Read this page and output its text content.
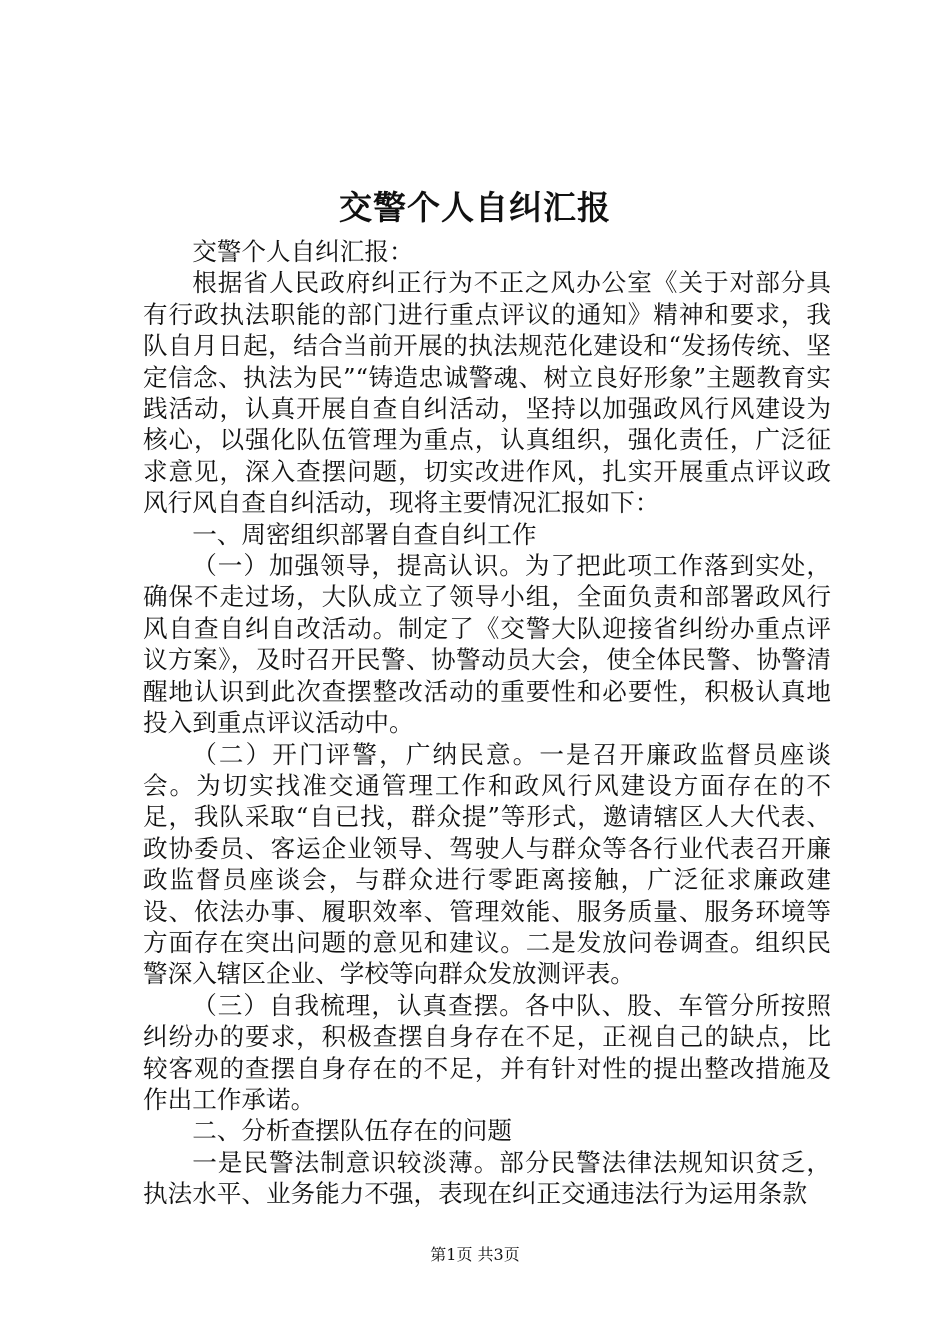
交警个人自纠汇报

交警个人自纠汇报：

根据省人民政府纠正行为不正之风办公室《关于对部分具有行政执法职能的部门进行重点评议的通知》精神和要求，我队自月日起，结合当前开展的执法规范化建设和“发扬传统、坚定信念、执法为民”“铸造忠诚警魂、树立良好形象”主题教育实践活动，认真开展自查自纠活动，坚持以加强政风行风建设为核心，以强化队伍管理为重点，认真组织，强化责任，广泛征求意见，深入查摆问题，切实改进作风，扎实开展重点评议政风行风自查自纠活动，现将主要情况汇报如下：

一、周密组织部署自查自纠工作

（一）加强领导，提高认识。为了把此项工作落到实处，确保不走过场，大队成立了领导小组，全面负责和部署政风行风自查自纠自改活动。制定了《交警大队迎接省纠纷办重点评议方案》，及时召开民警、协警动员大会，使全体民警、协警清醒地认识到此次查摆整改活动的重要性和必要性，积极认真地投入到重点评议活动中。

（二）开门评警，广纳民意。一是召开廉政监督员座谈会。为切实找准交通管理工作和政风行风建设方面存在的不足，我队采取“自已找，群众提”等形式，邀请辖区人大代表、政协委员、客运企业领导、驾驶人与群众等各行业代表召开廉政监督员座谈会，与群众进行零距离接触，广泛征求廉政建设、依法办事、履职效率、管理效能、服务质量、服务环境等方面存在突出问题的意见和建议。二是发放问卷调查。组织民警深入辖区企业、学校等向群众发放测评表。

（三）自我梳理，认真查摆。各中队、股、车管分所按照纠纷办的要求，积极查摆自身存在不足，正视自己的缺点，比较客观的查摆自身存在的不足，并有针对性的提出整改措施及作出工作承诺。

二、分析查摆队伍存在的问题

一是民警法制意识较淡薄。部分民警法律法规知识贫乏，执法水平、业务能力不强，表现在纠正交通违法行为运用条款

第1页 共3页
